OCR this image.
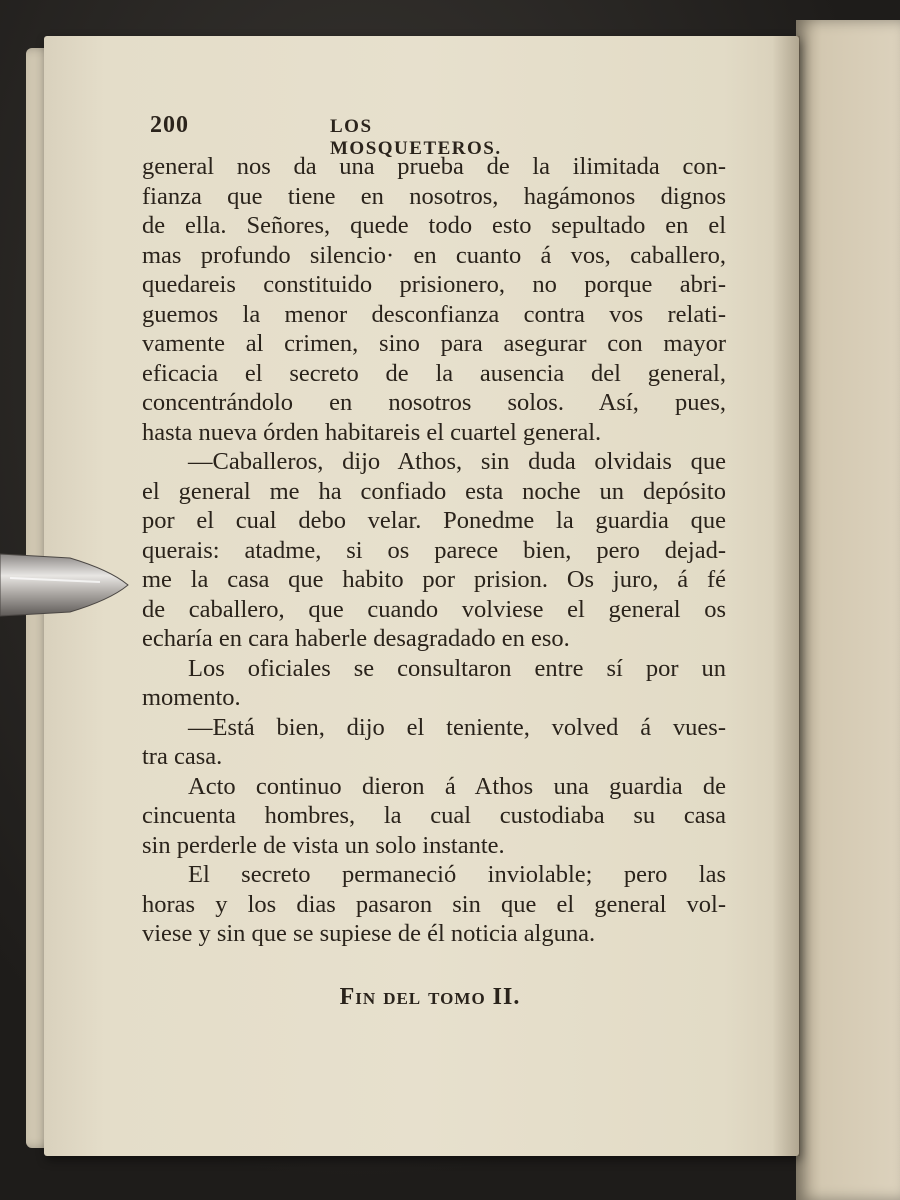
200	LOS MOSQUETEROS.
general nos da una prueba de la ilimitada con-
fianza que tiene en nosotros, hagámonos dignos
de ella. Señores, quede todo esto sepultado en el
mas profundo silencio· en cuanto á vos, caballero,
quedareis constituido prisionero, no porque abri-
guemos la menor desconfianza contra vos relati-
vamente al crimen, sino para asegurar con mayor
eficacia el secreto de la ausencia del general,
concentrándolo en nosotros solos. Así, pues,
hasta nueva órden habitareis el cuartel general.
—Caballeros, dijo Athos, sin duda olvidais que
el general me ha confiado esta noche un depósito
por el cual debo velar. Ponedme la guardia que
querais: atadme, si os parece bien, pero dejad-
me la casa que habito por prision. Os juro, á fé
de caballero, que cuando volviese el general os
echaría en cara haberle desagradado en eso.
Los oficiales se consultaron entre sí por un
momento.
—Está bien, dijo el teniente, volved á vues-
tra casa.
Acto continuo dieron á Athos una guardia de
cincuenta hombres, la cual custodiaba su casa
sin perderle de vista un solo instante.
El secreto permaneció inviolable; pero las
horas y los dias pasaron sin que el general vol-
viese y sin que se supiese de él noticia alguna.
Fin del tomo II.
